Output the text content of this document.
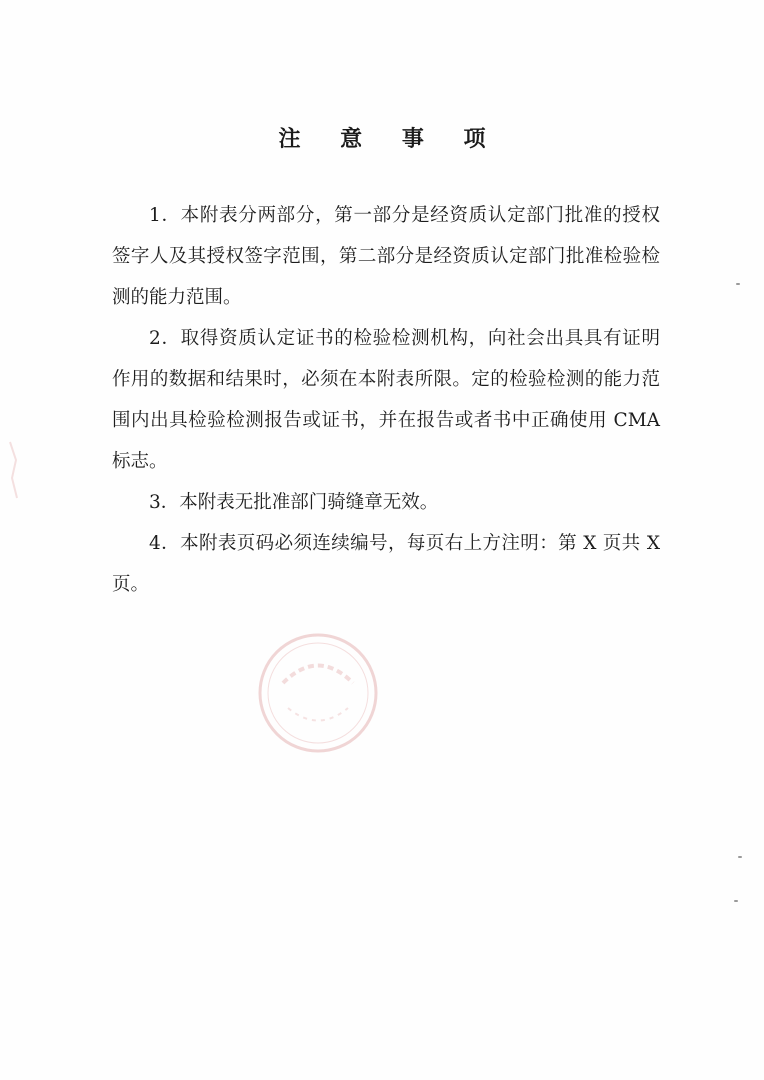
注 意 事 项

1．本附表分两部分，第一部分是经资质认定部门批准的授权签字人及其授权签字范围，第二部分是经资质认定部门批准检验检测的能力范围。

2．取得资质认定证书的检验检测机构，向社会出具具有证明作用的数据和结果时，必须在本附表所限。定的检验检测的能力范围内出具检验检测报告或证书，并在报告或者书中正确使用 CMA 标志。

3．本附表无批准部门骑缝章无效。

4．本附表页码必须连续编号，每页右上方注明：第 X 页共 X 页。
